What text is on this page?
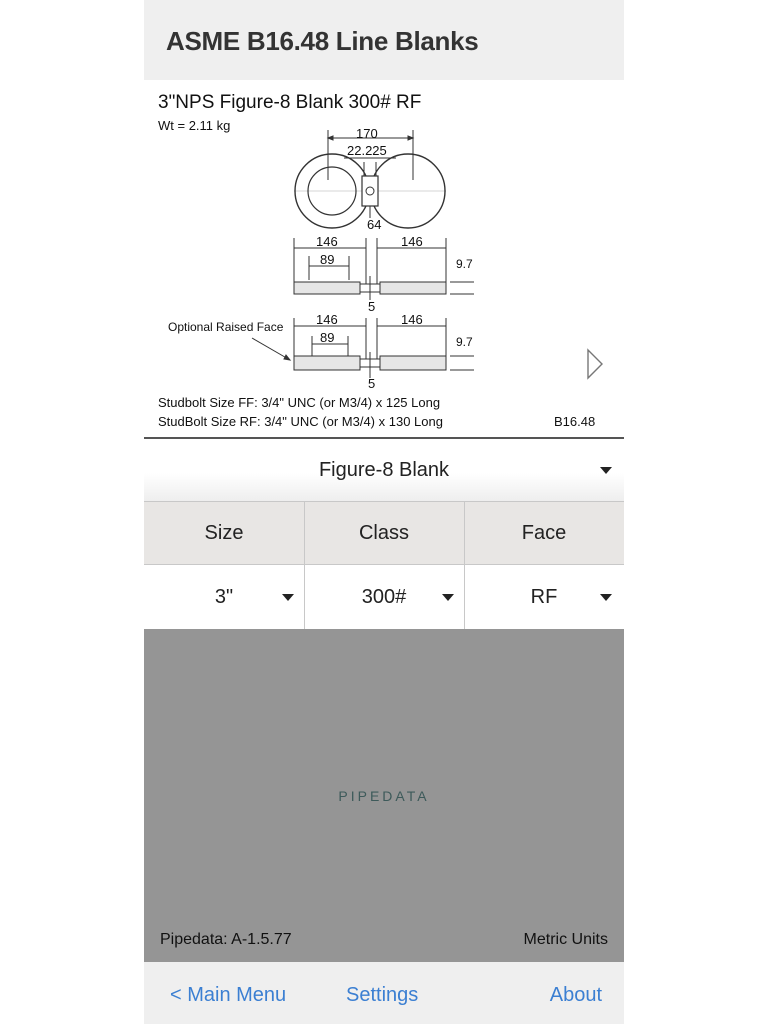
ASME B16.48 Line Blanks
3"NPS Figure-8 Blank 300# RF
Wt = 2.11 kg
170
22.225
64
146	146
89	9.7
5
Optional Raised Face	146	146
89	9.7
5
Studbolt Size FF: 3/4" UNC (or M3/4) x 125 Long
StudBolt Size RF: 3/4" UNC (or M3/4) x 130 Long	B16.48
Figure-8 Blank
Size	Class	Face
3"	300#	RF
PIPEDATA
Pipedata: A-1.5.77	Metric Units
< Main Menu	Settings	About
